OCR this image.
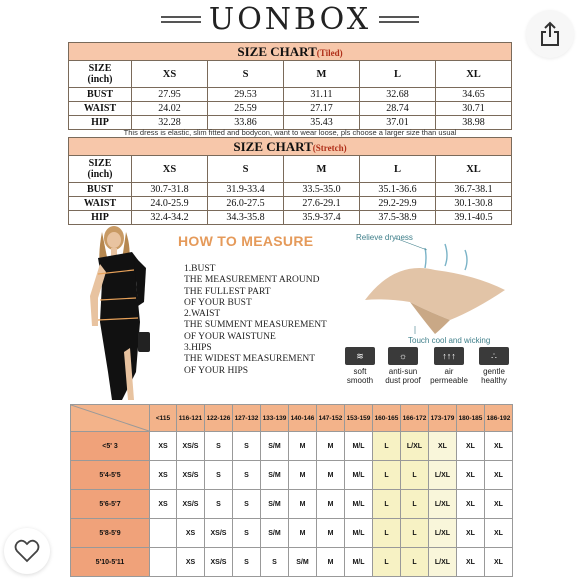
UONBOX
SIZE CHART(Tiled)					

SIZE
(inch)	XS	S	M	L	XL
BUST	27.95	29.53	31.11	32.68	34.65
WAIST	24.02	25.59	27.17	28.74	30.71
HIP	32.28	33.86	35.43	37.01	38.98
This dress is elastic, slim fitted and bodycon, want to wear loose, pls choose a larger size than usual
SIZE CHART(Stretch)					

SIZE
(inch)	XS	S	M	L	XL
BUST	30.7-31.8	31.9-33.4	33.5-35.0	35.1-36.6	36.7-38.1
WAIST	24.0-25.9	26.0-27.5	27.6-29.1	29.2-29.9	30.1-30.8
HIP	32.4-34.2	34.3-35.8	35.9-37.4	37.5-38.9	39.1-40.5
HOW TO MEASURE
1.BUST
THE MEASUREMENT AROUND
THE FULLEST PART
OF YOUR BUST
2.WAIST
THE SUMMENT MEASUREMENT
OF YOUR WAISTUNE
3.HIPS
THE WIDEST MEASUREMENT
OF YOUR HIPS
Relieve dryness
Touch cool and wicking
≋
soft
smooth
☼
anti-sun
dust proof
↑↑↑
air
permeable
∴
gentle
healthy
	<115	116-121	122-126	127-132	133-139	140-146	147-152	153-159	160-165	166-172	173-179	180-185	186-192
<5' 3	XS	XS/S	S	S	S/M	M	M	M/L	L	L/XL	XL	XL	XL
5'4-5'5	XS	XS/S	S	S	S/M	M	M	M/L	L	L	L/XL	XL	XL
5'6-5'7	XS	XS/S	S	S	S/M	M	M	M/L	L	L	L/XL	XL	XL
5'8-5'9		XS	XS/S	S	S/M	M	M	M/L	L	L	L/XL	XL	XL
5'10-5'11		XS	XS/S	S	S	S/M	M	M/L	L	L	L/XL	XL	XL
